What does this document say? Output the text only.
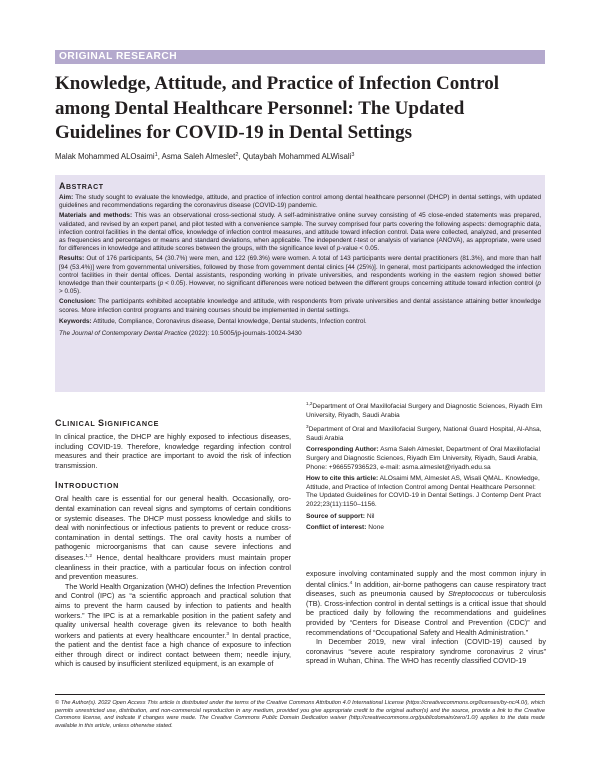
ORIGINAL RESEARCH
Knowledge, Attitude, and Practice of Infection Control among Dental Healthcare Personnel: The Updated Guidelines for COVID-19 in Dental Settings
Malak Mohammed ALOsaimi$^1$, Asma Saleh Almeslet$^2$, Qutaybah Mohammed ALWisali$^3$
ABSTRACT

Aim: The study sought to evaluate the knowledge, attitude, and practice of infection control among dental healthcare personnel (DHCP) in dental settings, with updated guidelines and recommendations regarding the coronavirus disease (COVID-19) pandemic.

Materials and methods: This was an observational cross-sectional study. A self-administrative online survey consisting of 45 close-ended statements was prepared, validated, and revised by an expert panel, and pilot tested with a convenience sample. The survey comprised four parts covering the following aspects: demographic data, infection control facilities in the dental office, knowledge of infection control measures, and attitude toward infection control. Data were collected, analyzed, and presented as frequencies and percentages or means and standard deviations, when applicable. The independent t-test or analysis of variance (ANOVA), as appropriate, were used for differences in knowledge and attitude scores between the groups, with the significance level of p-value < 0.05.

Results: Out of 176 participants, 54 (30.7%) were men, and 122 (69.3%) were women. A total of 143 participants were dental practitioners (81.3%), and more than half [94 (53.4%)] were from governmental universities, followed by those from government dental clinics [44 (25%)]. In general, most participants acknowledged the infection control facilities in their dental offices. Dental assistants, responding working in private universities, and respondents working in the eastern region showed better knowledge than their counterparts (p < 0.05). However, no significant differences were noticed between the different groups concerning attitude toward infection control (p > 0.05).

Conclusion: The participants exhibited acceptable knowledge and attitude, with respondents from private universities and dental assistance attaining better knowledge scores. More infection control programs and training courses should be implemented in dental settings.

Keywords: Attitude, Compliance, Coronavirus disease, Dental knowledge, Dental students, Infection control.

The Journal of Contemporary Dental Practice (2022): 10.5005/jp-journals-10024-3430

CLINICAL SIGNIFICANCE

In clinical practice, the DHCP are highly exposed to infectious diseases, including COVID-19. Therefore, knowledge regarding infection control measures and their practice are important to avoid the risk of infection transmission.

INTRODUCTION

Oral health care is essential for our general health. Occasionally, oro-dental examination can reveal signs and symptoms of certain conditions or systemic diseases. The DHCP must possess knowledge and skills to deal with noninfectious or infectious patients to prevent or reduce cross-contamination in dental settings. The oral cavity hosts a number of pathogenic microorganisms that can cause severe infections and diseases.$^{1,2}$ Hence, dental healthcare providers must maintain proper cleanliness in their practice, with a particular focus on infection control and prevention measures.

The World Health Organization (WHO) defines the Infection Prevention and Control (IPC) as “a scientific approach and practical solution that aims to prevent the harm caused by infection to patients and health workers.” The IPC is at a remarkable position in the patient safety and quality universal health coverage given its relevance to both health workers and patients at every healthcare encounter.$^3$ In dental practice, the patient and the dentist face a high chance of exposure to infection either through direct or indirect contact between them; needle injury, which is caused by insufficient sterilized equipment, is an example of

$^{1,2}$Department of Oral Maxillofacial Surgery and Diagnostic Sciences, Riyadh Elm University, Riyadh, Saudi Arabia

$^3$Department of Oral and Maxillofacial Surgery, National Guard Hospital, Al-Ahsa, Saudi Arabia

Corresponding Author: Asma Saleh Almeslet, Department of Oral Maxillofacial Surgery and Diagnostic Sciences, Riyadh Elm University, Riyadh, Saudi Arabia, Phone: +966557936523, e-mail: asma.almeslet@riyadh.edu.sa

How to cite this article: ALOsaimi MM, Almeslet AS, Wisali QMAL. Knowledge, Attitude, and Practice of Infection Control among Dental Healthcare Personnel: The Updated Guidelines for COVID-19 in Dental Settings. J Contemp Dent Pract 2022;23(11):1150–1156.

Source of support: Nil

Conflict of interest: None

exposure involving contaminated supply and the most common injury in dental clinics.$^4$ In addition, air-borne pathogens can cause respiratory tract diseases, such as pneumonia caused by Streptococcus or tuberculosis (TB). Cross-infection control in dental settings is a critical issue that should be practiced daily by following the recommendations and guidelines provided by “Centers for Disease Control and Prevention (CDC)” and recommendations of “Occupational Safety and Health Administration.”

In December 2019, new viral infection (COVID-19) caused by coronavirus “severe acute respiratory syndrome coronavirus 2 virus” spread in Wuhan, China. The WHO has recently classified COVID-19

© The Author(s). 2022 Open Access This article is distributed under the terms of the Creative Commons Attribution 4.0 International License (https://creativecommons.org/licenses/by-nc/4.0/), which permits unrestricted use, distribution, and non-commercial reproduction in any medium, provided you give appropriate credit to the original author(s) and the source, provide a link to the Creative Commons license, and indicate if changes were made. The Creative Commons Public Domain Dedication waiver (http://creativecommons.org/publicdomain/zero/1.0/) applies to the data made available in this article, unless otherwise stated.
